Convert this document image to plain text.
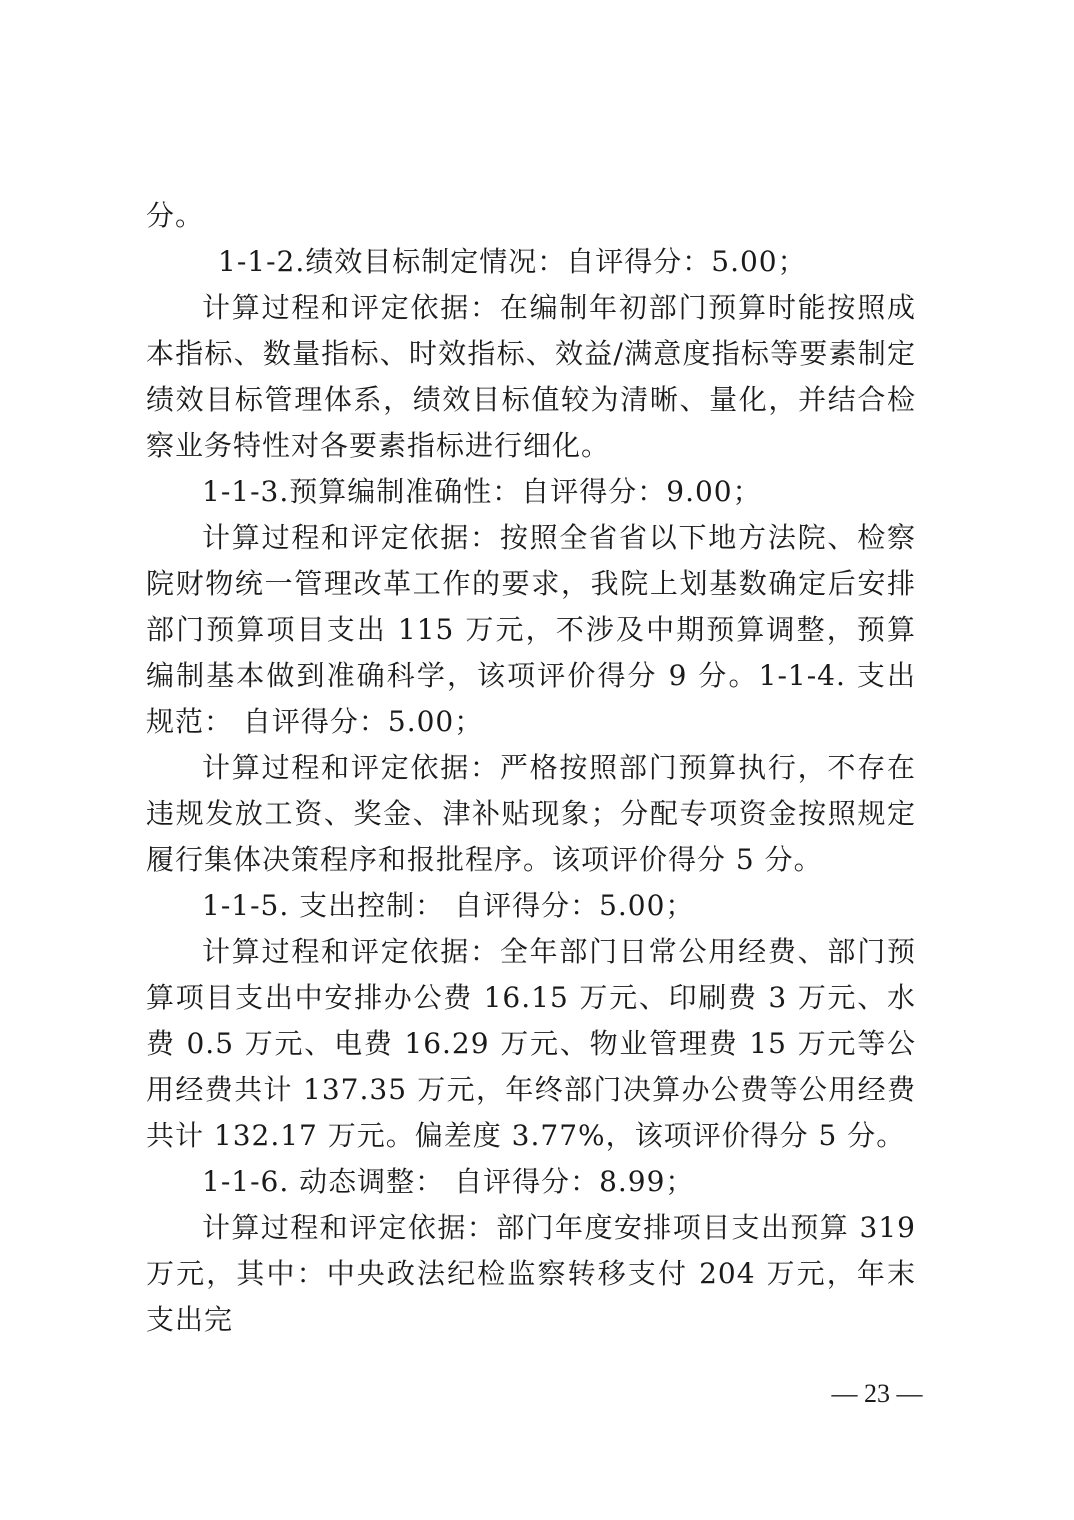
分。

1-1-2.绩效目标制定情况：自评得分：5.00；

计算过程和评定依据：在编制年初部门预算时能按照成本指标、数量指标、时效指标、效益/满意度指标等要素制定绩效目标管理体系，绩效目标值较为清晰、量化，并结合检察业务特性对各要素指标进行细化。

1-1-3.预算编制准确性：自评得分：9.00；

计算过程和评定依据：按照全省省以下地方法院、检察院财物统一管理改革工作的要求，我院上划基数确定后安排部门预算项目支出 115 万元，不涉及中期预算调整，预算编制基本做到准确科学，该项评价得分 9 分。1-1-4. 支出规范： 自评得分：5.00；

计算过程和评定依据：严格按照部门预算执行，不存在违规发放工资、奖金、津补贴现象；分配专项资金按照规定履行集体决策程序和报批程序。该项评价得分 5 分。

1-1-5. 支出控制： 自评得分：5.00；

计算过程和评定依据：全年部门日常公用经费、部门预算项目支出中安排办公费 16.15 万元、印刷费 3 万元、水费 0.5 万元、电费 16.29 万元、物业管理费 15 万元等公用经费共计 137.35 万元，年终部门决算办公费等公用经费共计 132.17 万元。偏差度 3.77%，该项评价得分 5 分。

1-1-6. 动态调整： 自评得分：8.99；

计算过程和评定依据：部门年度安排项目支出预算 319 万元，其中：中央政法纪检监察转移支付 204 万元，年末支出完

— 23 —
